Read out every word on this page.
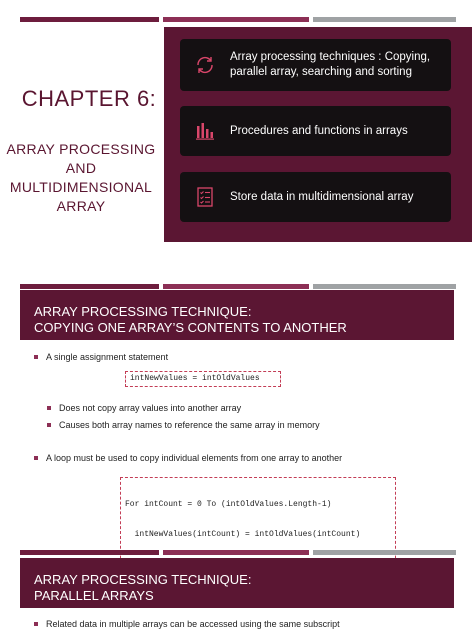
CHAPTER 6:
ARRAY PROCESSING
AND
MULTIDIMENSIONAL
ARRAY
Array processing techniques : Copying,
parallel array, searching and sorting
Procedures and functions in arrays
Store data in multidimensional array
ARRAY PROCESSING TECHNIQUE:
COPYING ONE ARRAY’S CONTENTS TO ANOTHER
A single assignment statement
intNewValues = intOldValues
Does not copy array values into another array
Causes both array names to reference the same array in memory
A loop must be used to copy individual elements from one array to another

For intCount = 0 To (intOldValues.Length-1)

intNewValues(intCount) = intOldValues(intCount)

ARRAY PROCESSING TECHNIQUE:
PARALLEL ARRAYS
Related data in multiple arrays can be accessed using the same subscript
